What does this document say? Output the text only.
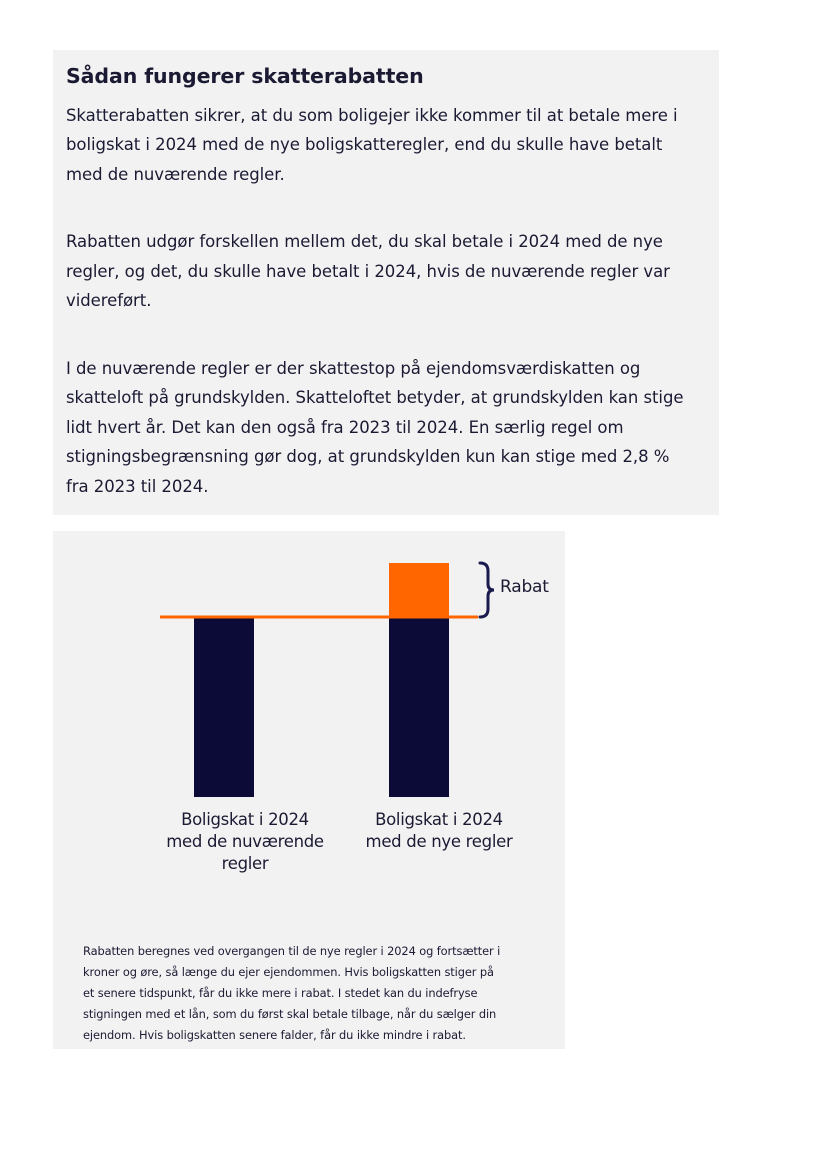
Sådan fungerer skatterabatten

Skatterabatten sikrer, at du som boligejer ikke kommer til at betale mere i
boligskat i 2024 med de nye boligskatteregler, end du skulle have betalt
med de nuværende regler.

Rabatten udgør forskellen mellem det, du skal betale i 2024 med de nye
regler, og det, du skulle have betalt i 2024, hvis de nuværende regler var
videreført.

I de nuværende regler er der skattestop på ejendomsværdiskatten og
skatteloft på grundskylden. Skatteloftet betyder, at grundskylden kan stige
lidt hvert år. Det kan den også fra 2023 til 2024. En særlig regel om
stigningsbegrænsning gør dog, at grundskylden kun kan stige med 2,8 %
fra 2023 til 2024.

Boligskat i 2024
med de nuværende
regler
Boligskat i 2024
med de nye regler
Rabat

Rabatten beregnes ved overgangen til de nye regler i 2024 og fortsætter i
kroner og øre, så længe du ejer ejendommen. Hvis boligskatten stiger på
et senere tidspunkt, får du ikke mere i rabat. I stedet kan du indefryse
stigningen med et lån, som du først skal betale tilbage, når du sælger din
ejendom. Hvis boligskatten senere falder, får du ikke mindre i rabat.
